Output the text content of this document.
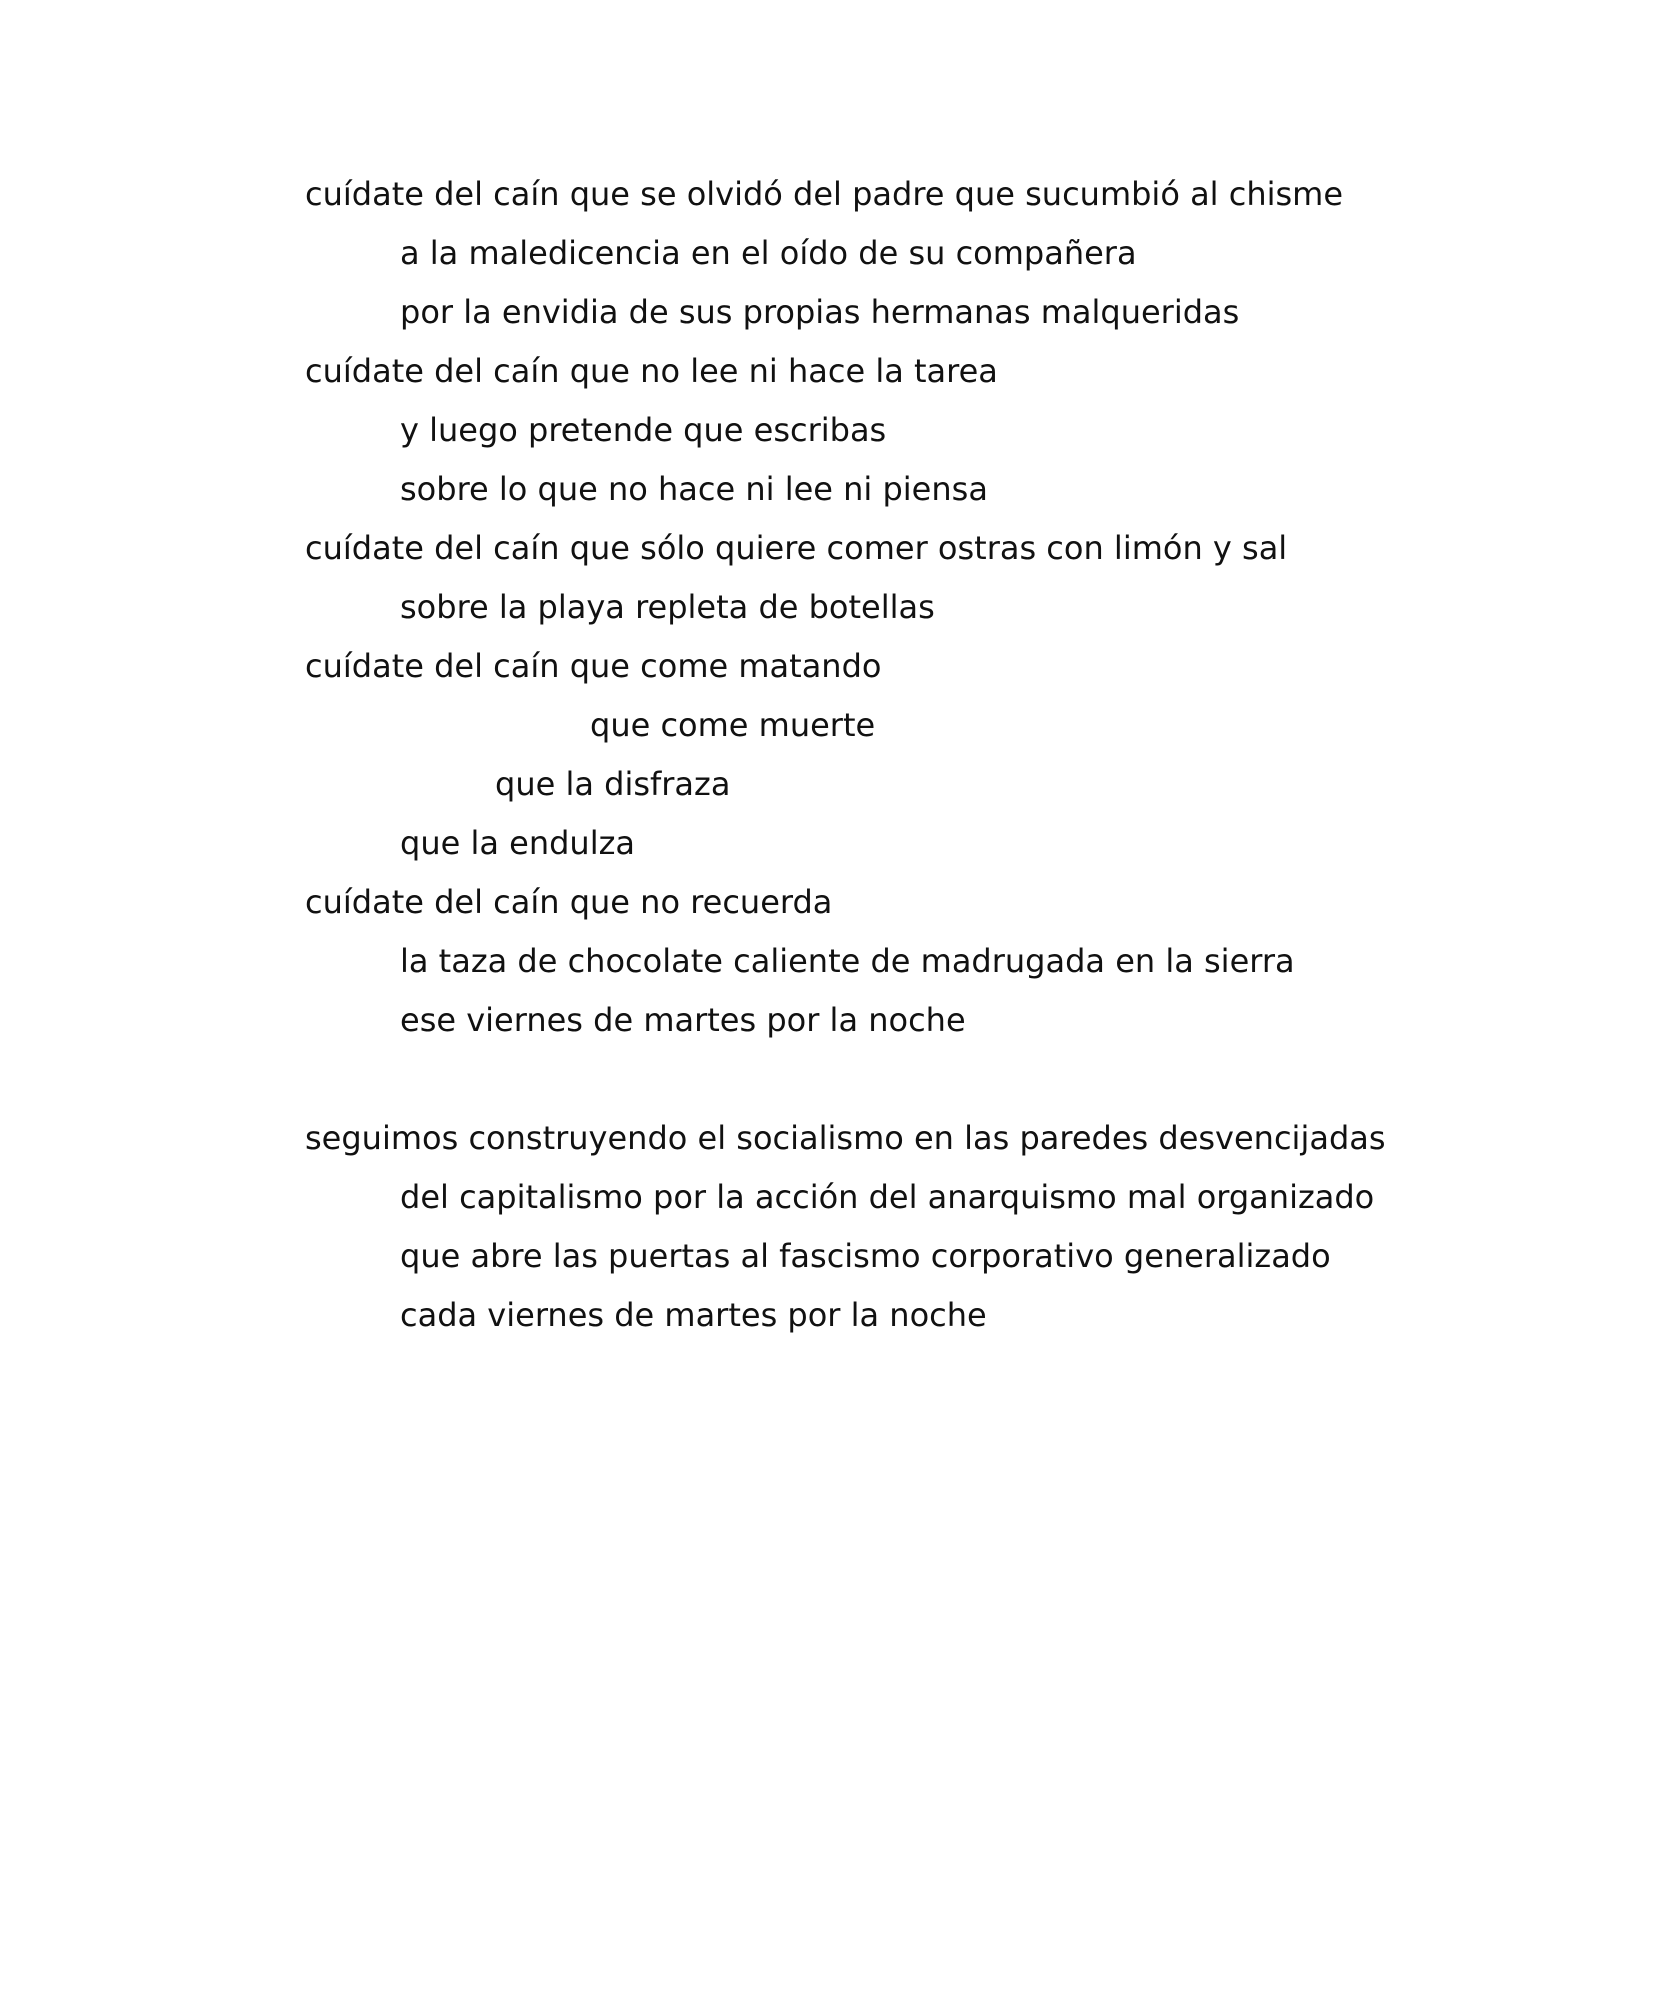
cuídate del caín que se olvidó del padre que sucumbió al chisme
a la maledicencia en el oído de su compañera
por la envidia de sus propias hermanas malqueridas
cuídate del caín que no lee ni hace la tarea
y luego pretende que escribas
sobre lo que no hace ni lee ni piensa
cuídate del caín que sólo quiere comer ostras con limón y sal
sobre la playa repleta de botellas
cuídate del caín que come matando
que come muerte
que la disfraza
que la endulza
cuídate del caín que no recuerda
la taza de chocolate caliente de madrugada en la sierra
ese viernes de martes por la noche
seguimos construyendo el socialismo en las paredes desvencijadas
del capitalismo por la acción del anarquismo mal organizado
que abre las puertas al fascismo corporativo generalizado
cada viernes de martes por la noche
